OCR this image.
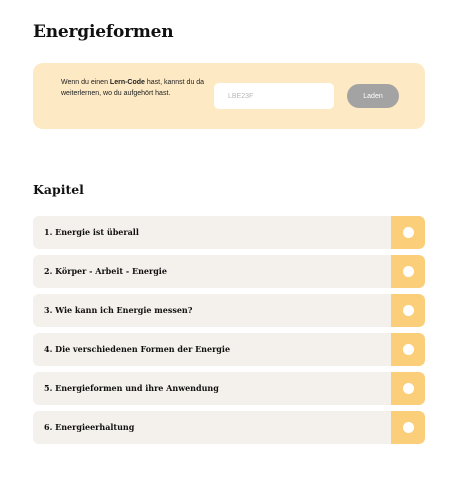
Energieformen

Wenn du einen Lern-Code hast, kannst du da weiterlernen, wo du aufgehört hast.

LBE23F	Laden
Kapitel
1. Energie ist überall
2. Körper - Arbeit - Energie
3. Wie kann ich Energie messen?
4. Die verschiedenen Formen der Energie
5. Energieformen und ihre Anwendung
6. Energieerhaltung
